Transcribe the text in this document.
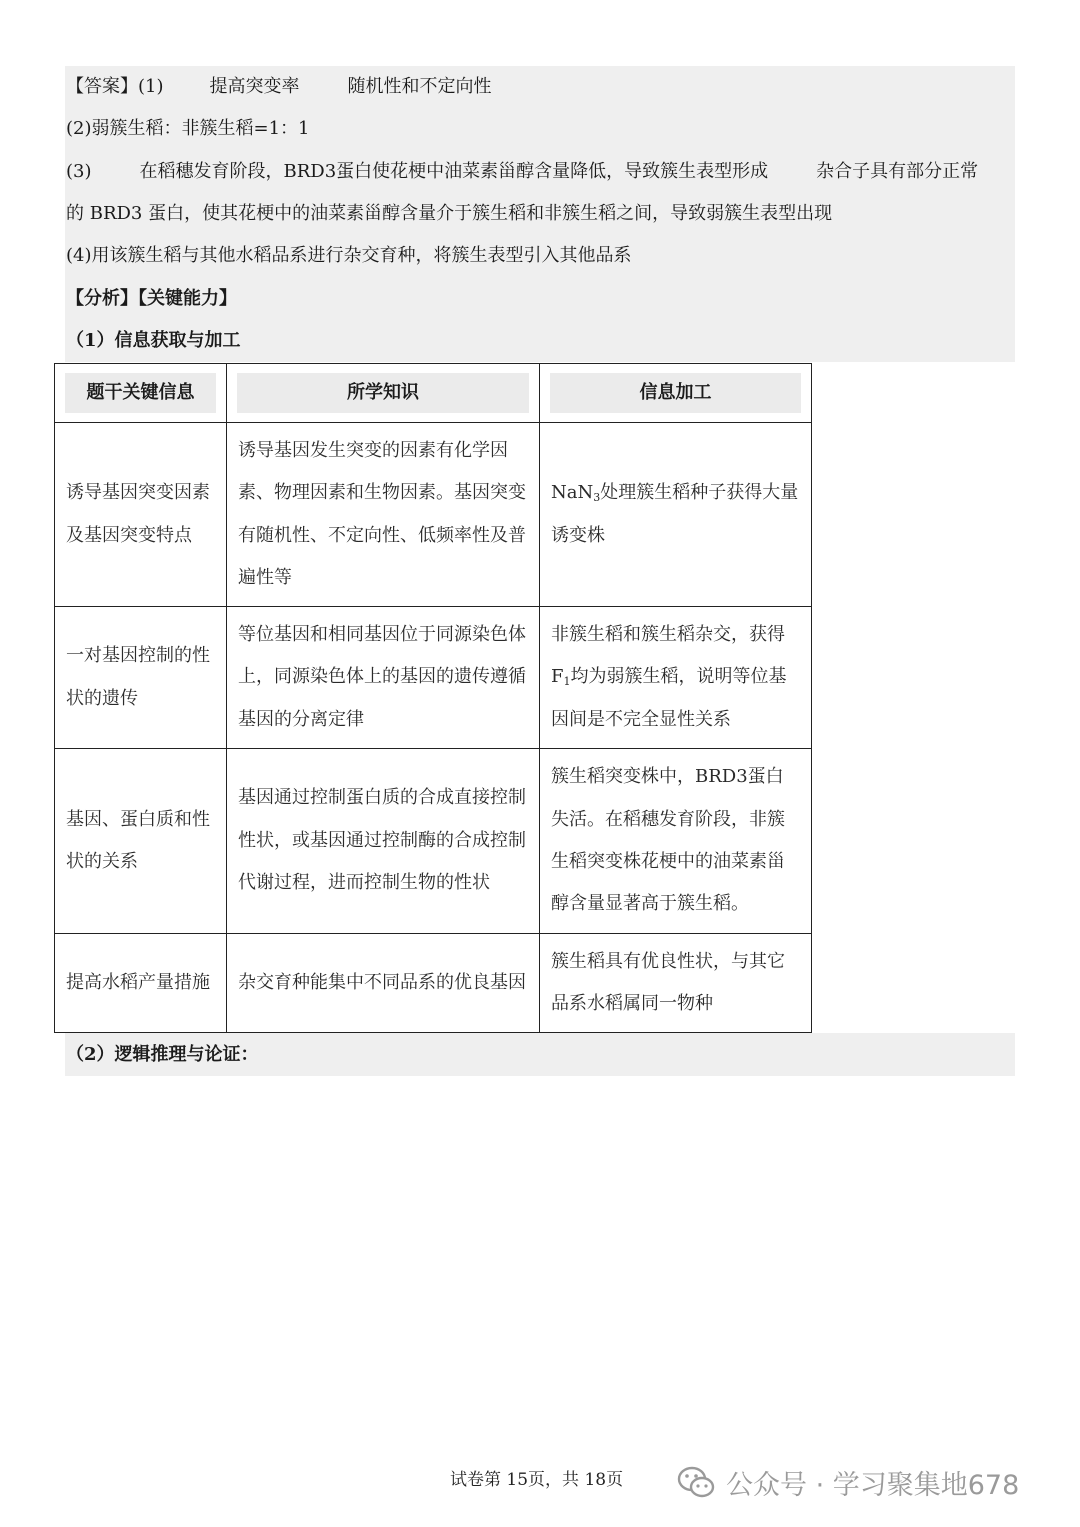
【答案】(1)	提高突变率	随机性和不定向性
(2)弱簇生稻：非簇生稻=1：1
(3)	在稻穗发育阶段，BRD3蛋白使花梗中油菜素甾醇含量降低，导致簇生表型形成	杂合子具有部分正常
的 BRD3 蛋白，使其花梗中的油菜素甾醇含量介于簇生稻和非簇生稻之间，导致弱簇生表型出现
(4)用该簇生稻与其他水稻品系进行杂交育种，将簇生表型引入其他品系
【分析】【关键能力】
（1）信息获取与加工
题干关键信息	所学知识	信息加工

诱导基因突变因素及基因突变特点	诱导基因发生突变的因素有化学因素、物理因素和生物因素。基因突变有随机性、不定向性、低频率性及普遍性等	NaN$_3$处理簇生稻种子获得大量诱变株
一对基因控制的性状的遗传	等位基因和相同基因位于同源染色体上，同源染色体上的基因的遗传遵循基因的分离定律	非簇生稻和簇生稻杂交，获得$F_1$均为弱簇生稻，说明等位基因间是不完全显性关系
基因、蛋白质和性状的关系	基因通过控制蛋白质的合成直接控制性状，或基因通过控制酶的合成控制代谢过程，进而控制生物的性状	簇生稻突变株中，BRD3蛋白失活。在稻穗发育阶段，非簇生稻突变株花梗中的油菜素甾醇含量显著高于簇生稻。
提高水稻产量措施	杂交育种能集中不同品系的优良基因	簇生稻具有优良性状，与其它品系水稻属同一物种
（2）逻辑推理与论证：
试卷第 15页，共 18页	公众号 · 学习聚集地678
